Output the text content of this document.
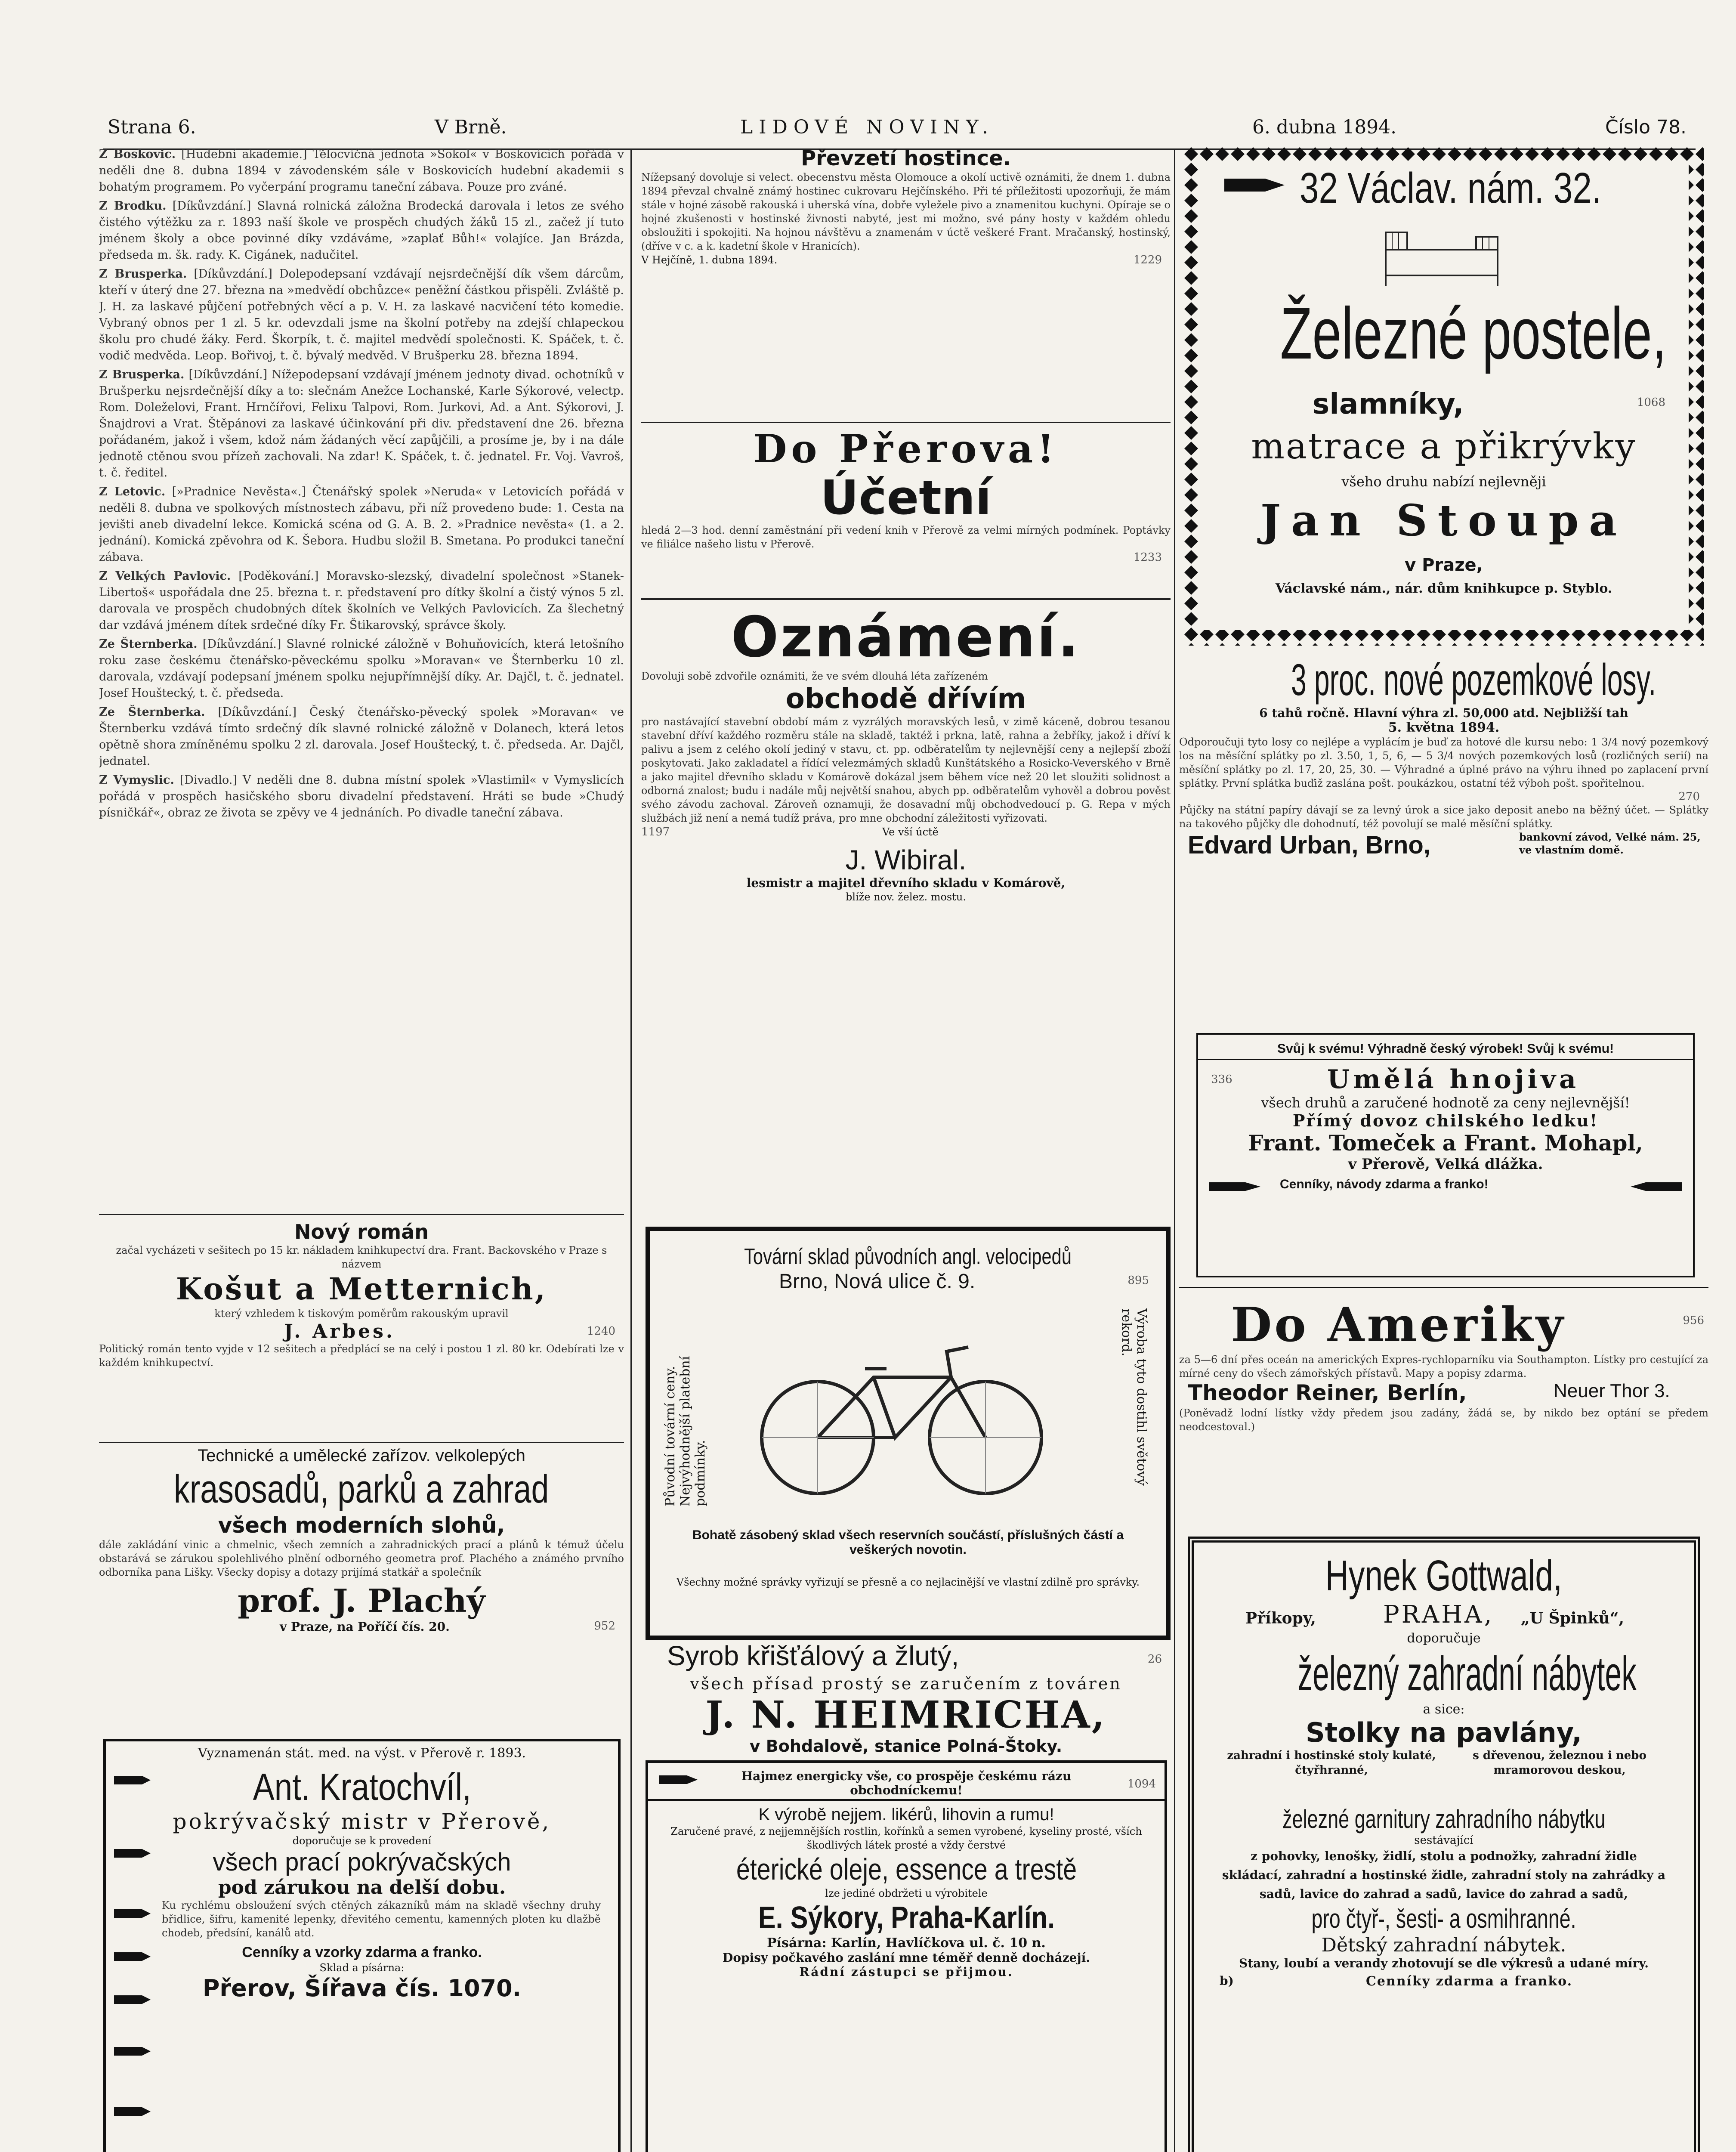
Strana 6.	V Brně.	LIDOVÉ NOVINY.	6. dubna 1894.	Číslo 78.

Z Boskovic. [Hudební akademie.] Tělocvičná jednota »Sokol« v Boskovicích pořádá v neděli dne 8. dubna 1894 v závodenském sále v Boskovicích hudební akademii s bohatým programem. Po vyčerpání programu taneční zábava. Pouze pro zváné.

Z Brodku. [Díkůvzdání.] Slavná rolnická záložna Brodecká darovala i letos ze svého čistého výtěžku za r. 1893 naší škole ve prospěch chudých žáků 15 zl., začež jí tuto jménem školy a obce povinné díky vzdáváme, »zaplať Bůh!« volajíce. Jan Brázda, předseda m. šk. rady. K. Cigánek, nadučitel.

Z Brusperka. [Díkůvzdání.] Dolepodepsaní vzdávají nejsrdečnější dík všem dárcům, kteří v úterý dne 27. března na »medvědí obchůzce« peněžní částkou přispěli. Zvláště p. J. H. za laskavé půjčení potřebných věcí a p. V. H. za laskavé nacvičení této komedie. Vybraný obnos per 1 zl. 5 kr. odevzdali jsme na školní potřeby na zdejší chlapeckou školu pro chudé žáky. Ferd. Škorpík, t. č. majitel medvědí společnosti. K. Spáček, t. č. vodič medvěda. Leop. Bořivoj, t. č. bývalý medvěd. V Brušperku 28. března 1894.

Z Brusperka. [Díkůvzdání.] Nížepodepsaní vzdávají jménem jednoty divad. ochotníků v Brušperku nejsrdečnější díky a to: slečnám Anežce Lochanské, Karle Sýkorové, velectp. Rom. Doleželovi, Frant. Hrnčířovi, Felixu Talpovi, Rom. Jurkovi, Ad. a Ant. Sýkorovi, J. Šnajdrovi a Vrat. Štěpánovi za laskavé účinkování při div. představení dne 26. března pořádaném, jakož i všem, kdož nám žádaných věcí zapůjčili, a prosíme je, by i na dále jednotě ctěnou svou přízeň zachovali. Na zdar! K. Spáček, t. č. jednatel. Fr. Voj. Vavroš, t. č. ředitel.

Z Letovic. [»Pradnice Nevěsta«.] Čtenářský spolek »Neruda« v Letovicích pořádá v neděli 8. dubna ve spolkových místnostech zábavu, při níž provedeno bude: 1. Cesta na jevišti aneb divadelní lekce. Komická scéna od G. A. B. 2. »Pradnice nevěsta« (1. a 2. jednání). Komická zpěvohra od K. Šebora. Hudbu složil B. Smetana. Po produkci taneční zábava.

Z Velkých Pavlovic. [Poděkování.] Moravsko-slezský, divadelní společnost »Stanek-Libertoš« uspořádala dne 25. března t. r. představení pro dítky školní a čistý výnos 5 zl. darovala ve prospěch chudobných dítek školních ve Velkých Pavlovicích. Za šlechetný dar vzdává jménem dítek srdečné díky Fr. Štikarovský, správce školy.

Ze Šternberka. [Díkůvzdání.] Slavné rolnické záložně v Bohuňovicích, která letošního roku zase českému čtenářsko-pěveckému spolku »Moravan« ve Šternberku 10 zl. darovala, vzdávají podepsaní jménem spolku nejupřímnější díky. Ar. Dajčl, t. č. jednatel. Josef Houštecký, t. č. předseda.

Ze Šternberka. [Díkůvzdání.] Český čtenářsko-pěvecký spolek »Moravan« ve Šternberku vzdává tímto srdečný dík slavné rolnické záložně v Dolanech, která letos opětně shora zmíněnému spolku 2 zl. darovala. Josef Houštecký, t. č. předseda. Ar. Dajčl, jednatel.

Z Vymyslic. [Divadlo.] V neděli dne 8. dubna místní spolek »Vlastimil« v Vymyslicích pořádá v prospěch hasičského sboru divadelní představení. Hráti se bude »Chudý písničkář«, obraz ze života se zpěvy ve 4 jednáních. Po divadle taneční zábava.

Nový román
začal vycházeti v sešitech po 15 kr. nákladem knihkupectví dra. Frant. Backovského v Praze s názvem
Košut a Metternich,
který vzhledem k tiskovým poměrům rakouským upravil
J. Arbes.	1240
Politický román tento vyjde v 12 sešitech a předplácí se na celý i postou 1 zl. 80 kr. Odebírati lze v každém knihkupectví.
Technické a umělecké zařízov. velkolepých
krasosadů, parků a zahrad
všech moderních slohů,
dále zakládání vinic a chmelnic, všech zemních a zahradnických prací a plánů k témuž účelu obstarává se zárukou spolehlivého plnění odborného geometra prof. Plachého a známého prvního odborníka pana Lišky. Všecky dopisy a dotazy prijímá statkář a společník
prof. J. Plachý
v Praze, na Poříčí čís. 20.	952
Vyznamenán stát. med. na výst. v Přerově r. 1893.
Ant. Kratochvíl,
pokrývačský mistr v Přerově,
doporučuje se k provedení
všech prací pokrývačských
pod zárukou na delší dobu.
Ku rychlému obsloužení svých ctěných zákazníků mám na skladě všechny druhy břidlice, šifru, kamenité lepenky, dřevitého cementu, kamenných ploten ku dlažbě chodeb, předsíní, kanálů atd.
Cenníky a vzorky zdarma a franko.
Sklad a písárna:
Přerov, Šířava čís. 1070.
Převzetí hostince.
Nížepsaný dovoluje si velect. obecenstvu města Olomouce a okolí uctivě oznámiti, že dnem 1. dubna 1894 převzal chvalně známý hostinec cukrovaru Hejčínského. Při té příležitosti upozorňuji, že mám stále v hojné zásobě rakouská i uherská vína, dobře vyležele pivo a znamenitou kuchyni. Opíraje se o hojné zkušenosti v hostinské živnosti nabyté, jest mi možno, své pány hosty v každém ohledu obsloužiti i spokojiti. Na hojnou návštěvu a znamenám v úctě veškeré Frant. Mračanský, hostinský, (dříve v c. a k. kadetní škole v Hranicích).
V Hejčíně, 1. dubna 1894.	1229
Do Přerova!
Účetní
hledá 2—3 hod. denní zaměstnání při vedení knih v Přerově za velmi mírných podmínek. Poptávky ve filiálce našeho listu v Přerově.
1233
Oznámení.
Dovoluji sobě zdvořile oznámiti, že ve svém dlouhá léta zařízeném
obchodě dřívím
pro nastávající stavební období mám z vyzrálých moravských lesů, v zimě káceně, dobrou tesanou stavební dříví každého rozměru stále na skladě, taktéž i prkna, latě, rahna a žebříky, jakož i dříví k palivu a jsem z celého okolí jediný v stavu, ct. pp. odběratelům ty nejlevnější ceny a nejlepší zboží poskytovati. Jako zakladatel a řídící velezmámých skladů Kunštátského a Rosicko-Veverského v Brně a jako majitel dřevního skladu v Komárově dokázal jsem během více než 20 let sloužiti solidnost a odborná znalost; budu i nadále můj největší snahou, abych pp. odběratelům vyhověl a dobrou pověst svého závodu zachoval. Zároveň oznamuji, že dosavadní můj obchodvedoucí p. G. Repa v mých službách již není a nemá tudíž práva, pro mne obchodní záležitosti vyřizovati.
1197	Ve vší úctě
J. Wibiral.
lesmistr a majitel dřevního skladu v Komárově,
blíže nov. želez. mostu.
Tovární sklad původních angl. velocipedů
Brno, Nová ulice č. 9.	895
Původní tovární ceny. Nejvýhodnější platební podmínky.	Výroba tyto dostihl světový rekord.
Bohatě zásobený sklad všech reservních součástí, příslušných částí a veškerých novotin.
Všechny možné správky vyřizují se přesně a co nejlacinější ve vlastní zdilně pro správky.
Syrob křišťálový a žlutý,	26
všech přísad prostý se zaručením z továren
J. N. HEIMRICHA,
v Bohdalově, stanice Polná-Štoky.
Hajmez energicky vše, co prospěje českému rázu obchodníckemu!	1094
K výrobě nejjem. likérů, lihovin a rumu!
Zaručené pravé, z nejjemnějších rostlin, kořínků a semen vyrobené, kyseliny prosté, vších škodlivých látek prosté a vždy čerstvé
éterické oleje, essence a trestě
lze jediné obdržeti u výrobitele
E. Sýkory, Praha-Karlín.
Písárna: Karlín, Havlíčkova ul. č. 10 n.
Dopisy počkavého zaslání mne téměř denně docházejí.
Rádní zástupci se přijmou.
32 Václav. nám. 32.
Železné postele,
slamníky,	1068
matrace a přikrývky
všeho druhu nabízí nejlevněji
Jan Stoupa
v Praze,
Václavské nám., nár. dům knihkupce p. Styblo.
3 proc. nové pozemkové losy.
6 tahů ročně. Hlavní výhra zl. 50,000 atd. Nejbližší tah
5. května 1894.
Odporoučuji tyto losy co nejlépe a vyplácím je buď za hotové dle kursu nebo: 1 3/4 nový pozemkový los na měsíční splátky po zl. 3.50, 1, 5, 6, — 5 3/4 nových pozemkových losů (rozličných serií) na měsíční splátky po zl. 17, 20, 25, 30. — Výhradné a úplné právo na výhru ihned po zaplacení první splátky. První splátka buďiž zaslána pošt. poukázkou, ostatní též výboh pošt. spořitelnou.
270
Půjčky na státní papíry dávají se za levný úrok a sice jako deposit anebo na běžný účet. — Splátky na takového půjčky dle dohodnutí, též povolují se malé měsíční splátky.
Edvard Urban, Brno,	bankovní závod, Velké nám. 25, ve vlastním domě.
Svůj k svému! Výhradně český výrobek! Svůj k svému!
336	Umělá hnojiva
všech druhů a zaručené hodnotě za ceny nejlevnější!
Přímý dovoz chilského ledku!
Frant. Tomeček a Frant. Mohapl,
v Přerově, Velká dlážka.
Cenníky, návody zdarma a franko!
Do Ameriky	956
za 5—6 dní přes oceán na amerických Expres-rychloparníku via Southampton. Lístky pro cestující za mírné ceny do všech zámořských přístavů. Mapy a popisy zdarma.
Theodor Reiner, Berlín,	Neuer Thor 3.
(Poněvadž lodní lístky vždy předem jsou zadány, žádá se, by nikdo bez optání se předem neodcestoval.)
Hynek Gottwald,
Příkopy,	PRAHA, „U Špinků“,
doporučuje
železný zahradní nábytek
a sice:
Stolky na pavlány,
zahradní i hostinské stoly kulaté, čtyřhranné,
s dřevenou, železnou i nebo mramorovou deskou,
železné garnitury zahradního nábytku
sestávající
z pohovky, lenošky, židlí, stolu a podnožky, zahradní židle skládací, zahradní a hostinské židle, zahradní stoly na zahrádky a sadů, lavice do zahrad a sadů, lavice do zahrad a sadů,
pro čtyř-, šesti- a osmihranné.
Dětský zahradní nábytek.
Stany, loubí a verandy zhotovují se dle výkresů a udané míry.
b)	Cenníky zdarma a franko.
